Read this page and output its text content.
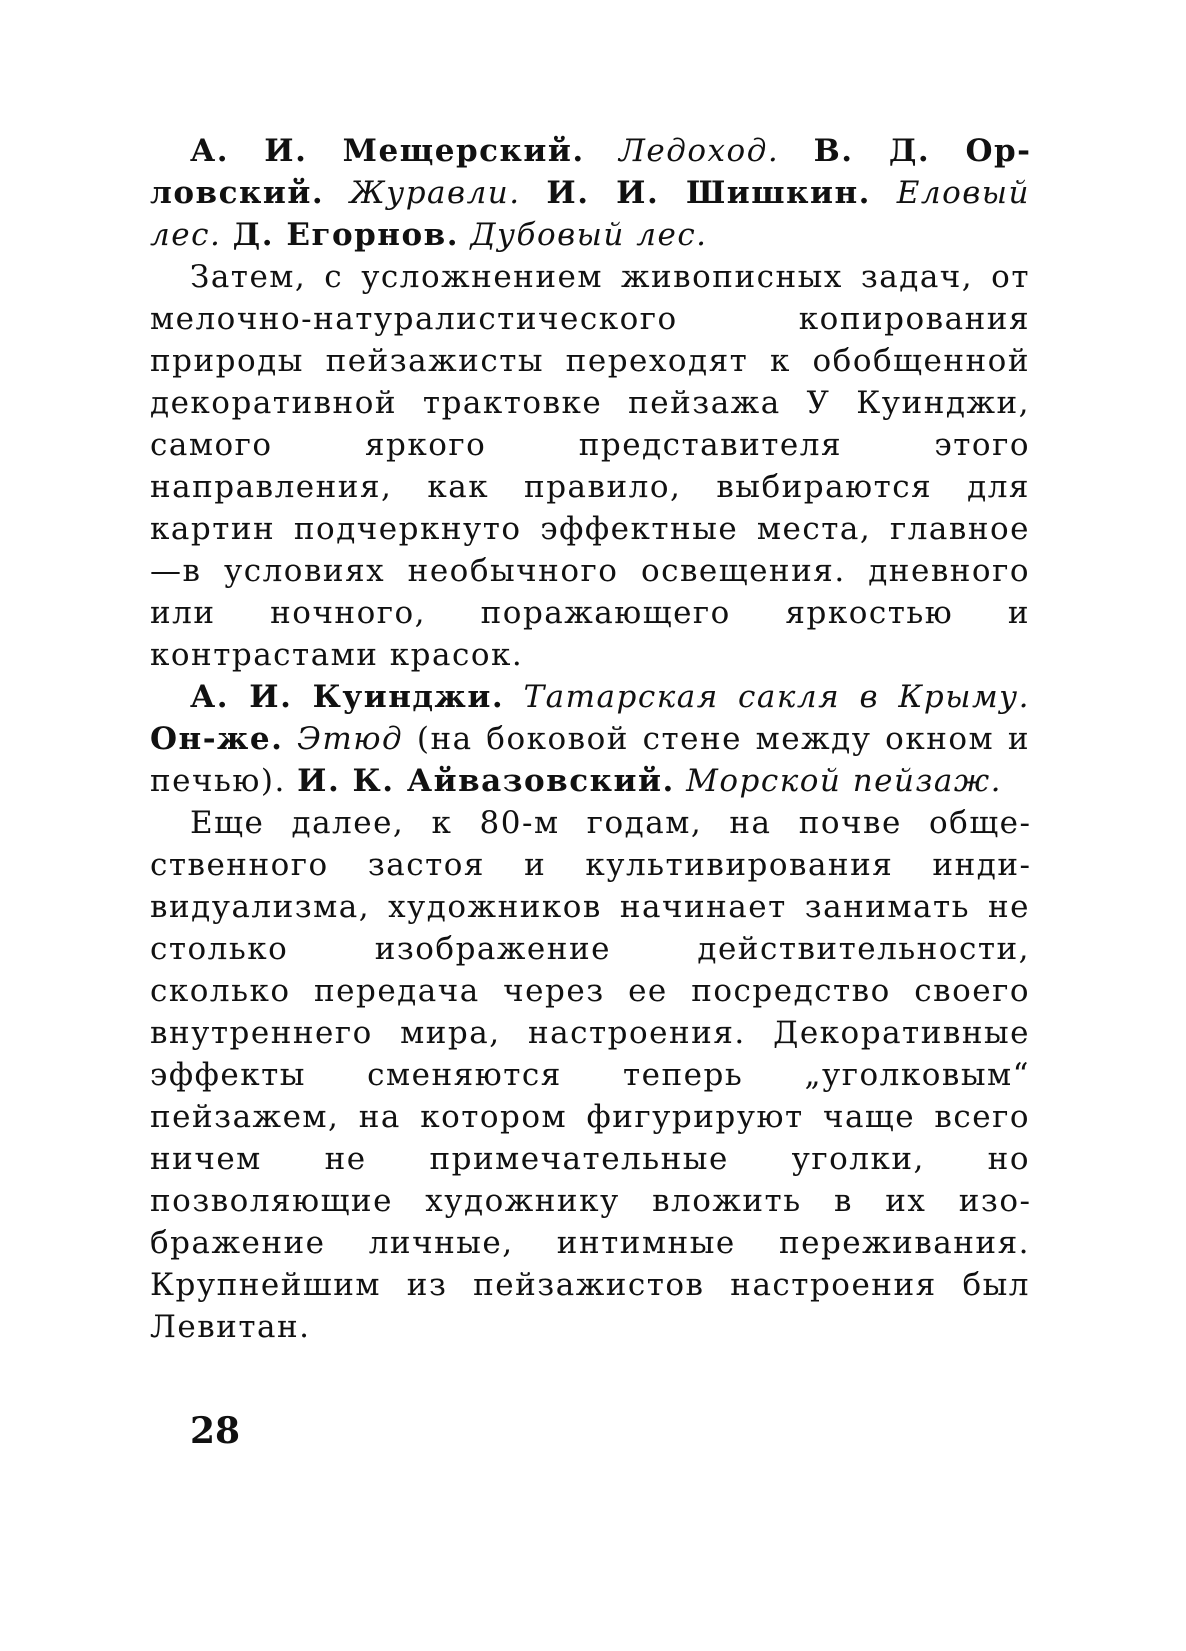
А. И. Мещерский. Ледоход. В. Д. Орловский. Журавли. И. И. Шишкин. Еловый лес. Д. Егорнов. Дубовый лес.

Затем, с усложнением живописных задач, от мелочно-натуралистического копирования природы пейзажисты переходят к обобщенной декоративной трактовке пейзажа У Куинджи, самого яркого представителя этого направления, как правило, выбираются для картин подчеркнуто эффектные места, главное—в условиях необычного освещения. дневного или ночного, поражающего яркостью и контрастами красок.

А. И. Куинджи. Татарская сакля в Крыму. Он-же. Этюд (на боковой стене между окном и печью). И. К. Айвазовский. Морской пейзаж.

Еще далее, к 80-м годам, на почве общественного застоя и культивирования индивидуализма, художников начинает занимать не столько изображение действительности, сколько передача через ее посредство своего внутреннего мира, настроения. Декоративные эффекты сменяются теперь „уголковым“ пейзажем, на котором фигурируют чаще всего ничем не примечательные уголки, но позволяющие художнику вложить в их изображение личные, интимные переживания. Крупнейшим из пейзажистов настроения был Левитан.

28
